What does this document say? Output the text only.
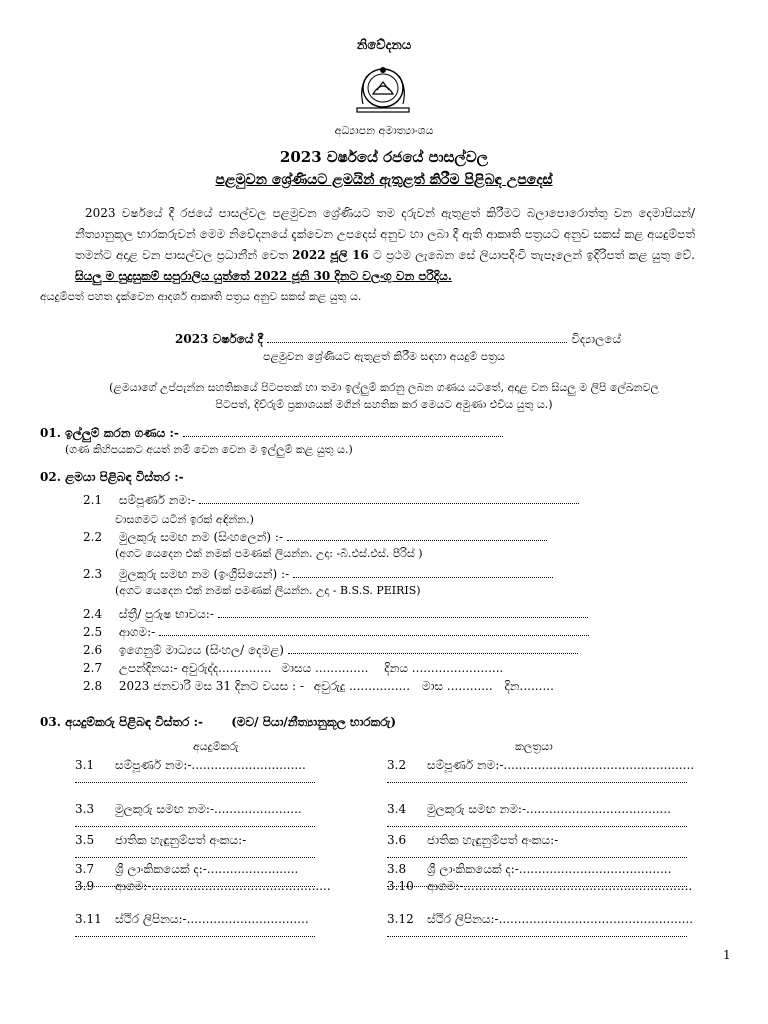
නිවේදනය
අධ්‍යාපන අමාත්‍යාංශය
2023 වර්ෂයේ රජයේ පාසල්වල
පළමුවන ශ්‍රේණියට ළමයින් ඇතුළත් කිරීම පිළිබඳ උපදෙස්
2023 වර්ෂයේ දී රජයේ පාසල්වල පළමුවන ශ්‍රේණියට තම දරුවන් ඇතුළත් කිරීමට බලාපොරොත්තු වන දෙමාපියන්/නීත්‍යානුකූල භාරකරුවන් මෙම නිවේදනයේ දැක්වෙන උපදෙස් අනුව හා ලබා දී ඇති ආකෘති පත්‍රයට අනුව සකස් කළ අයදුම්පත් තමන්ට අදාළ වන පාසල්වල ප්‍රධානීන් වෙත 2022 ජූලි 16 ට ප්‍රථම ලැබෙන සේ ලියාපදිංචි තැපෑලෙන් ඉදිරිපත් කළ යුතු වේ. සියලු ම සුදුසුකම් සපුරාලිය යුත්තේ 2022 ජූනි 30 දිනට වලංගු වන පරිදිය.
අයදුම්පත් පහත දැක්වෙන ආදර්ශ ආකෘති පත්‍රය අනුව සකස් කළ යුතු ය.
2023 වර්ෂයේ දී	විද්‍යාලයේ
පළමුවන ශ්‍රේණියට ඇතුළත් කිරීම සඳහා අයදුම් පත්‍රය
(ළමයාගේ උප්පැන්න සහතිකයේ පිටපතක් හා තමා ඉල්ලුම් කරනු ලබන ගණය යටතේ, අදාළ වන සියලු ම ලිපි ලේඛනවල
පිටපත්, දිව්රුම් ප්‍රකාශයක් මගින් සහතික කර මෙයට අමුණා එවිය යුතු ය.)
01. ඉල්ලුම් කරන ගණය :-
(ගණ කිහිපයකට අයත් නම් වෙන වෙන ම ඉල්ලුම් කළ යුතු ය.)
02. ළමයා පිළිබඳ විස්තර :-
2.1 සම්පූර්ණ නම:-
වාසගමට යටින් ඉරක් අඳින්න.)
2.2 මුලකුරු සමඟ නම (සිංහලෙන්) :-
(අගට යෙදෙන එක් නමක් පමණක් ලියන්න. උදා: -බී.එස්.එස්. පීරිස් )
2.3 මුලකුරු සමඟ නම (ඉංග්‍රීසියෙන්) :-
(අගට යෙදෙන එක් නමක් පමණක් ලියන්න. උදා - B.S.S. PEIRIS)
2.4 ස්ත්‍රී/ පුරුෂ භාවය:-
2.5 ආගම:-
2.6 ඉගෙනුම් මාධ්‍යය (සිංහල/ දෙමළ)
2.7 උපන්දිනය:- අවුරුද්ද.............. මාසය .............. දිනය ........................
2.8 2023 ජනවාරි මස 31 දිනට වයස : - අවුරුදු ................ මාස ............ දින.........
03. අයදුම්කරු පිළිබඳ විස්තර :- (මව/ පියා/නීත්‍යානුකූල භාරකරු)
අයදුම්කරු	කලත්‍රයා
3.1 සම්පූර්ණ නම:-..............................	3.2 සම්පූර්ණ නම:-..................................................
3.3 මුලකුරු සමඟ නම:-.......................	3.4 මුලකුරු සමඟ නම:-......................................
3.5 ජාතික හැඳුනුම්පත් අංකය:-	3.6 ජාතික හැඳුනුම්පත් අංකය:-
3.7 ශ්‍රී ලාංකිකයෙක් ද:-........................	3.8 ශ්‍රී ලාංකිකයෙක් ද:-........................................
3.9 ආගම:-...............................................	3.10 ආගම:-............................................................
3.11 ස්ථිර ලිපිනය:-................................	3.12 ස්ථිර ලිපිනය:-...................................................
1
